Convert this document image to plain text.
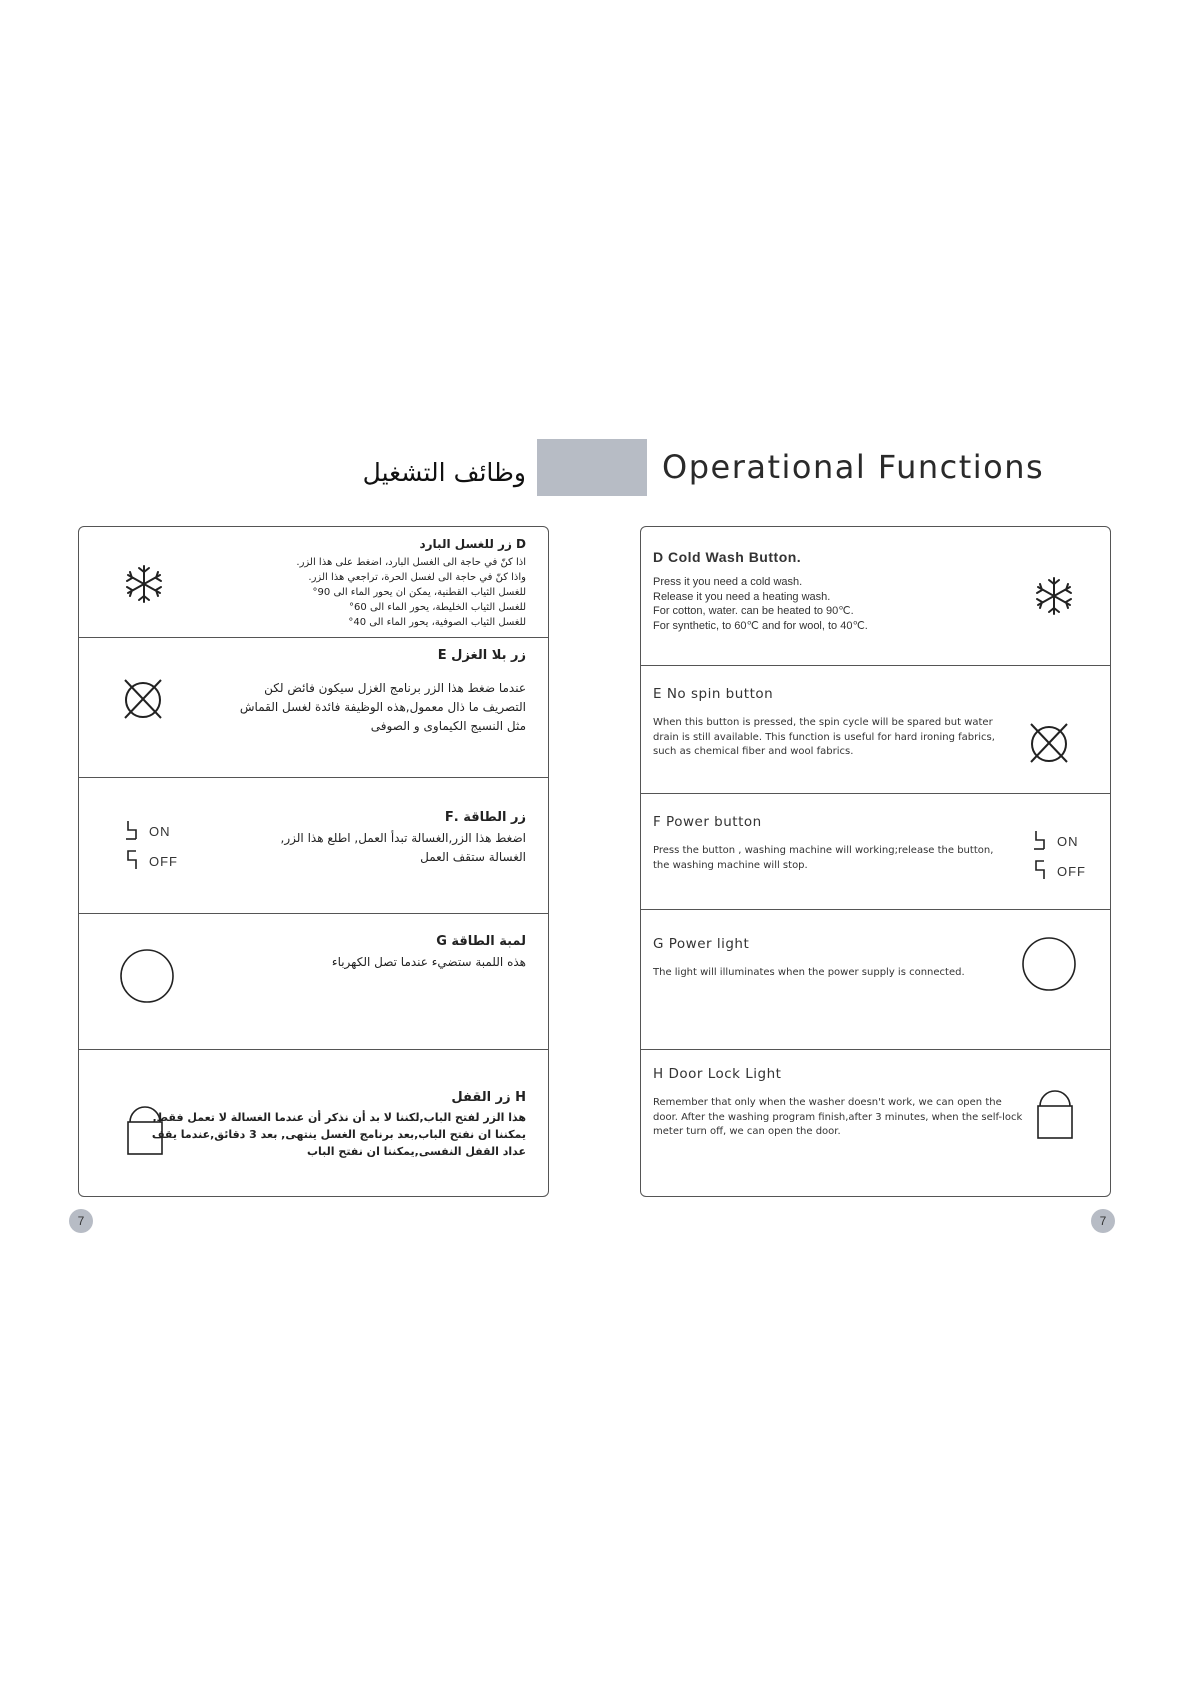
وظائف التشغيل	Operational Functions
D زر للغسل البارد

اذا كنّ في حاجة الى الغسل البارد، اضغط على هذا الزر.

واذا كنّ في حاجة الى لغسل الحرة، تراجعي هذا الزر.

للغسل الثياب القطنية، يمكن ان يحور الماء الى 90°

للغسل الثياب الخليطة، يحور الماء الى 60°

للغسل الثياب الصوفية، يحور الماء الى 40°

زر بلا الغزل E

عندما ضغط هذا الزر برنامج الغزل سيكون فائض لكن

التصريف ما ذال معمول,هذه الوظيفة فائدة لغسل القماش

مثل النسيج الكيماوى و الصوفى

ON
OFF
زر الطاقة .F

اضغط هذا الزر,الغسالة تبدأ العمل, اطلع هذا الزر,

الغسالة ستقف العمل

لمبة الطاقة G

هذه اللمبة ستضيء عندما تصل الكهرباء

H زر القفل

هذا الزر لفتح الباب,لكننا لا بد أن نذكر أن عندما الغسالة لا تعمل فقط,

يمكننا ان نفتح الباب,بعد برنامج الغسل ينتهى, بعد 3 دقائق,عندما يقف

عداد القفل النفسى,يمكننا ان نفتح الباب

D Cold Wash Button.

Press it you need a cold wash.

Release it you need a heating wash.

For cotton, water. can be heated to 90℃.

For synthetic, to 60℃ and for wool, to 40℃.

E No spin button

When this button is pressed, the spin cycle will be spared but water

drain is still available. This function is useful for hard ironing fabrics,

such as chemical fiber and wool fabrics.

F Power button

Press the button , washing machine will working;release the button,

the washing machine will stop.

ON
OFF
G Power light

The light will illuminates when the power supply is connected.

H Door Lock Light

Remember that only when the washer doesn't work, we can open the

door. After the washing program finish,after 3 minutes, when the self-lock

meter turn off, we can open the door.

7	7
